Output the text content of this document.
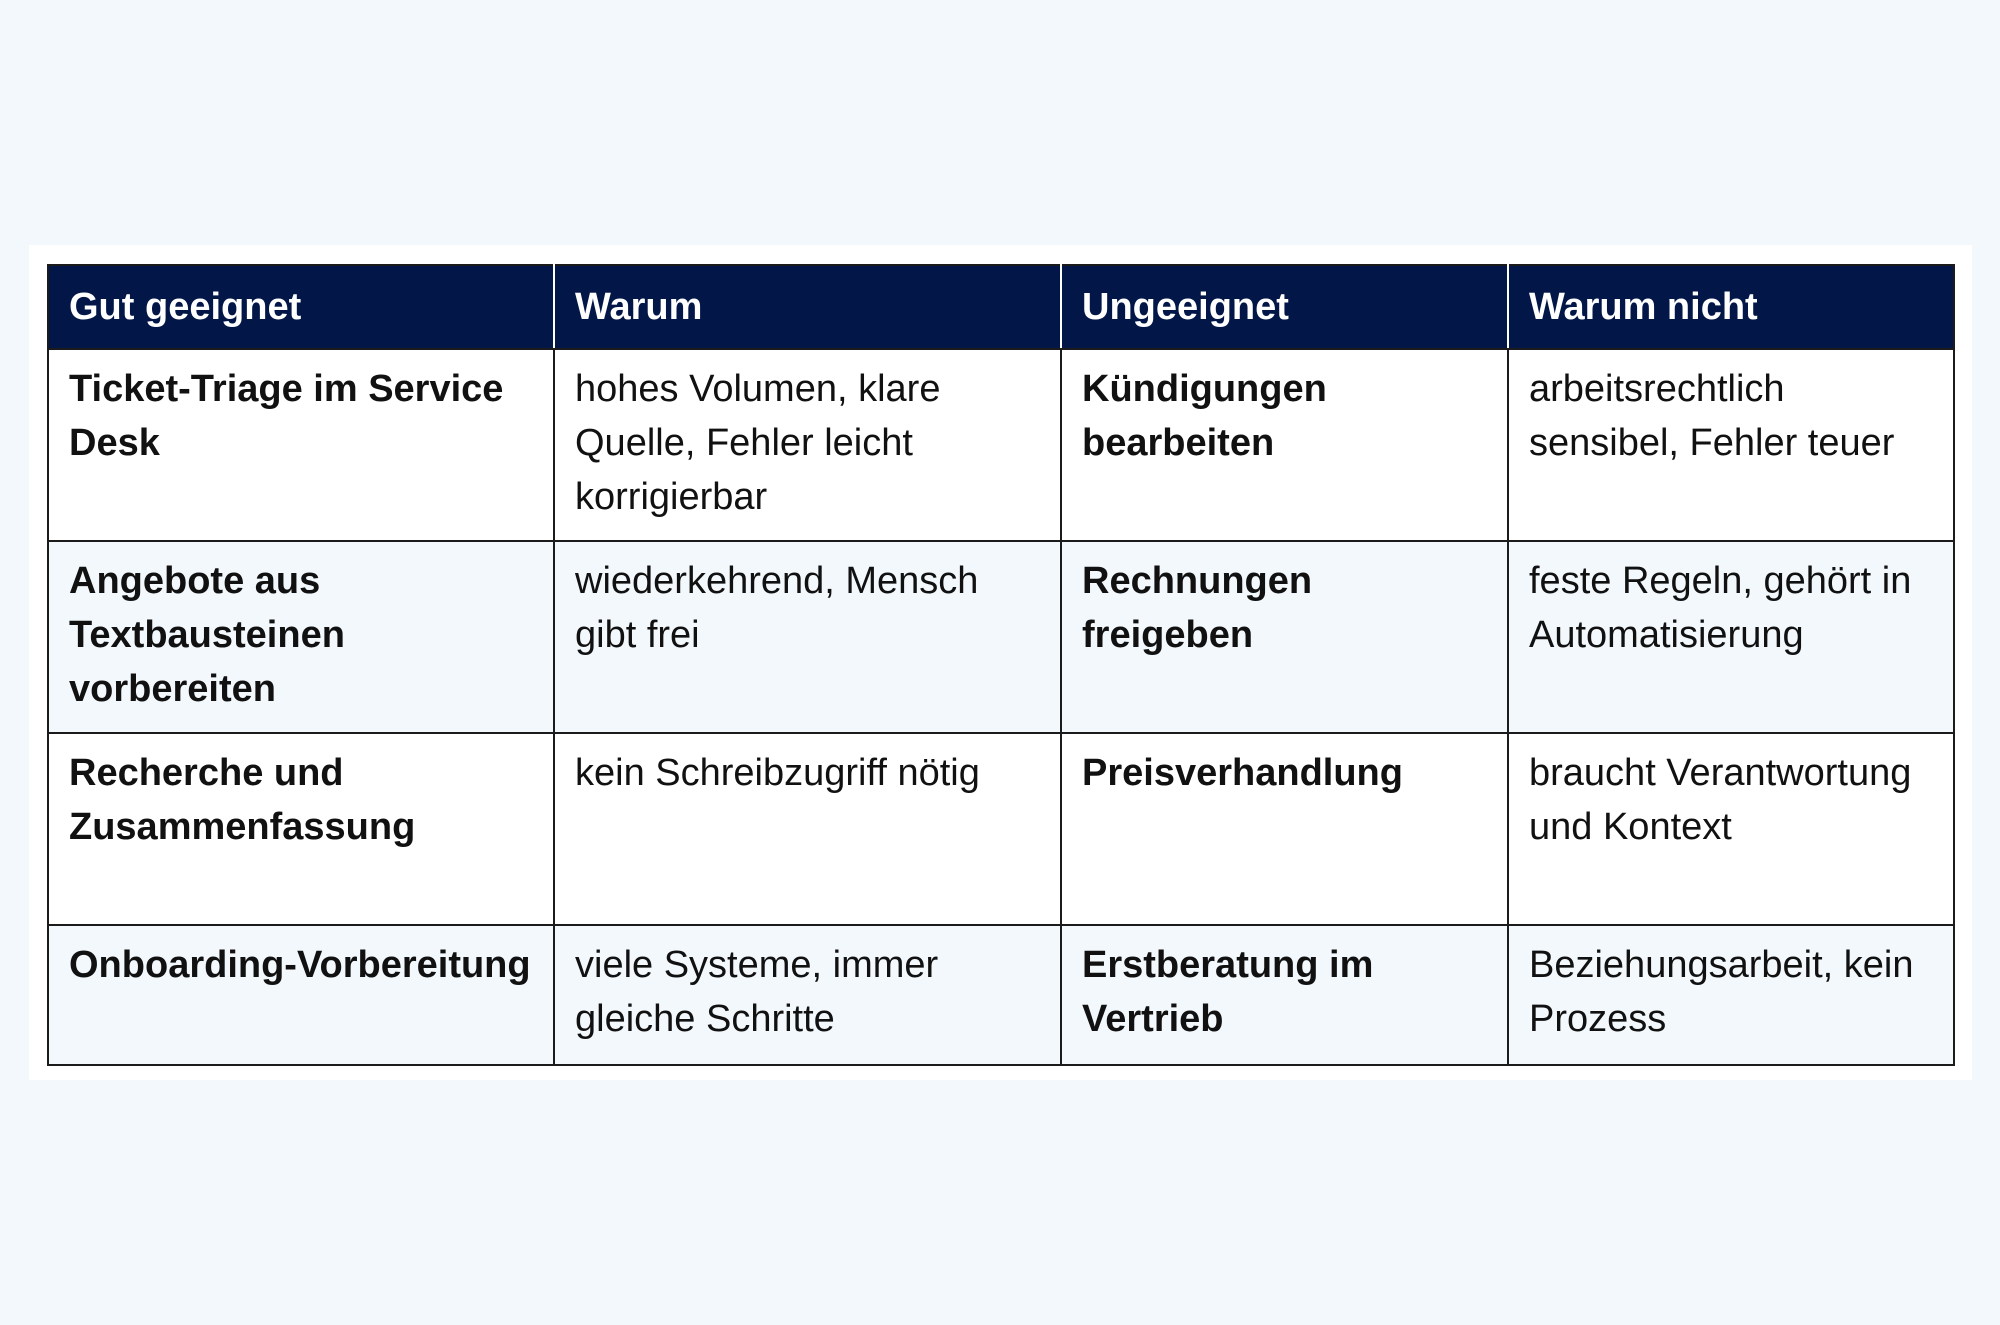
Gut geeignet	Warum	Ungeeignet	Warum nicht
Ticket-Triage im Service Desk	hohes Volumen, klare Quelle, Fehler leicht korrigierbar	Kündigungen bearbeiten	arbeitsrechtlich sensibel, Fehler teuer
Angebote aus Textbausteinen vorbereiten	wiederkehrend, Mensch gibt frei	Rechnungen freigeben	feste Regeln, gehört in Automatisierung
Recherche und Zusammenfassung	kein Schreibzugriff nötig	Preisverhandlung	braucht Verantwortung und Kontext
Onboarding-Vorbereitung	viele Systeme, immer gleiche Schritte	Erstberatung im Vertrieb	Beziehungsarbeit, kein Prozess
